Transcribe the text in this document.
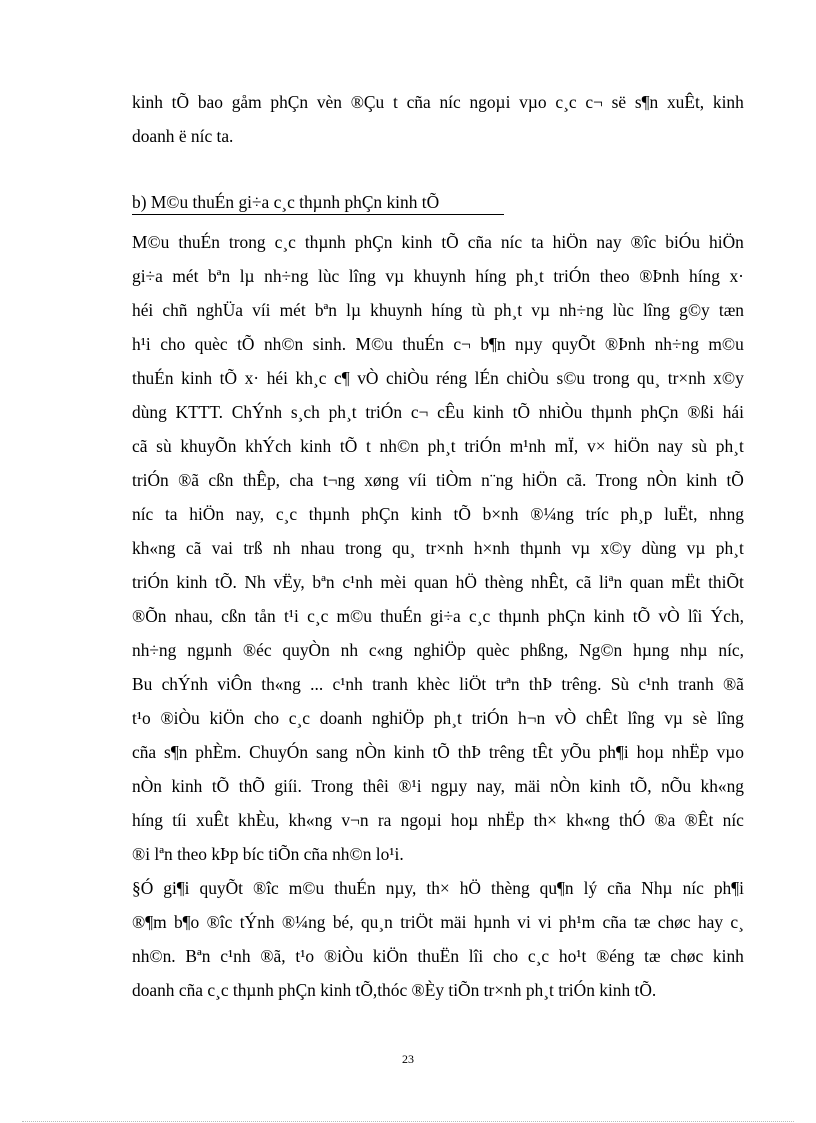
kinh tÕ bao gåm phÇn vèn ®Çu t cña níc ngoµi vµo c¸c c¬ së s¶n xuÊt, kinh
doanh ë níc ta.
b) M©u thuÉn gi÷a c¸c thµnh phÇn kinh tÕ
M©u thuÉn trong c¸c thµnh phÇn kinh tÕ cña níc ta hiÖn nay ®îc biÓu hiÖn
gi÷a mét bªn lµ nh÷ng lùc lîng vµ khuynh híng ph¸t triÓn theo ®Þnh híng x·
héi chñ nghÜa víi mét bªn lµ khuynh híng tù ph¸t vµ nh÷ng lùc lîng g©y tæn
h¹i cho quèc tÕ nh©n sinh. M©u thuÉn c¬ b¶n nµy quyÕt ®Þnh nh÷ng m©u
thuÉn kinh tÕ x· héi kh¸c c¶ vÒ chiÒu réng lÉn chiÒu s©u trong qu¸ tr×nh x©y
dùng KTTT. ChÝnh s¸ch ph¸t triÓn c¬ cÊu kinh tÕ nhiÒu thµnh phÇn ®ßi hái
cã sù khuyÕn khÝch kinh tÕ t nh©n ph¸t triÓn m¹nh mÏ, v× hiÖn nay sù ph¸t
triÓn ®ã cßn thÊp, cha t¬ng xøng víi tiÒm n¨ng hiÖn cã. Trong nÒn kinh tÕ
níc ta hiÖn nay, c¸c thµnh phÇn kinh tÕ b×nh ®¼ng tríc ph¸p luËt, nhng
kh«ng cã vai trß nh nhau trong qu¸ tr×nh h×nh thµnh vµ x©y dùng vµ ph¸t
triÓn kinh tÕ. Nh vËy, bªn c¹nh mèi quan hÖ thèng nhÊt, cã liªn quan mËt thiÕt
®Õn nhau, cßn tån t¹i c¸c m©u thuÉn gi÷a c¸c thµnh phÇn kinh tÕ vÒ lîi Ých,
nh÷ng ngµnh ®éc quyÒn nh c«ng nghiÖp quèc phßng, Ng©n hµng nhµ níc,
Bu chÝnh viÔn th«ng ... c¹nh tranh khèc liÖt trªn thÞ trêng. Sù c¹nh tranh ®ã
t¹o ®iÒu kiÖn cho c¸c doanh nghiÖp ph¸t triÓn h¬n vÒ chÊt lîng vµ sè lîng
cña s¶n phÈm. ChuyÓn sang nÒn kinh tÕ thÞ trêng tÊt yÕu ph¶i hoµ nhËp vµo
nÒn kinh tÕ thÕ giíi. Trong thêi ®¹i ngµy nay, mäi nÒn kinh tÕ, nÕu kh«ng
híng tíi xuÊt khÈu, kh«ng v¬n ra ngoµi hoµ nhËp th× kh«ng thÓ ®a ®Êt níc
®i lªn theo kÞp bíc tiÕn cña nh©n lo¹i.
§Ó gi¶i quyÕt ®îc m©u thuÉn nµy, th× hÖ thèng qu¶n lý cña Nhµ níc ph¶i
®¶m b¶o ®îc tÝnh ®¼ng bé, qu¸n triÖt mäi hµnh vi vi ph¹m cña tæ chøc hay c¸
nh©n. Bªn c¹nh ®ã, t¹o ®iÒu kiÖn thuËn lîi cho c¸c ho¹t ®éng tæ chøc kinh
doanh cña c¸c thµnh phÇn kinh tÕ,thóc ®Èy tiÕn tr×nh ph¸t triÓn kinh tÕ.
23
